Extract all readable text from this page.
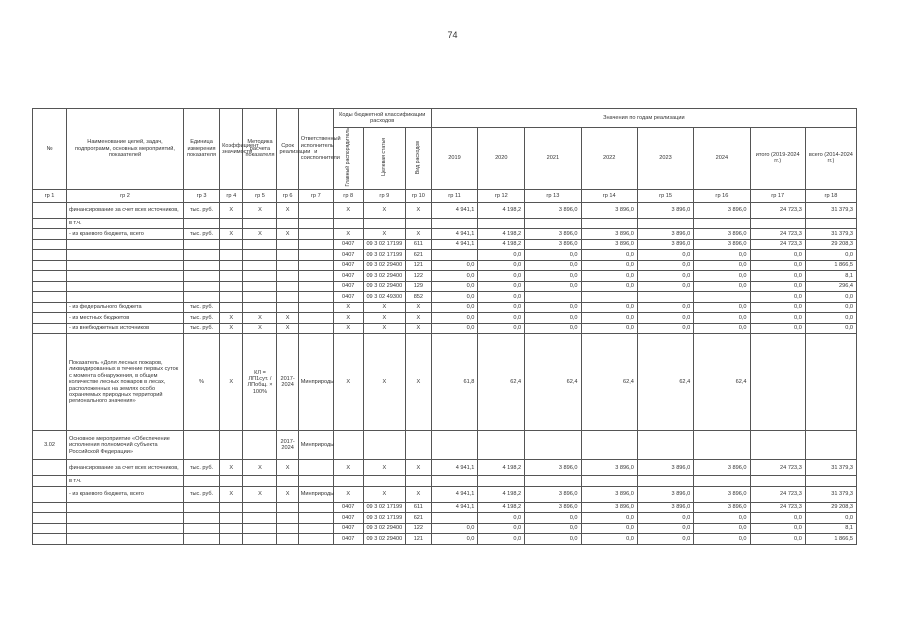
74
№	Наименование целей, задач, подпрограмм, основных мероприятий, показателей	Единица измерения показателя	Коэффициент значимости	Методика расчета показателя	Срок реализации	Ответственный исполнитель и соисполнители	Коды бюджетной классификации расходов			Значения по годам реализации							
							Главный распорядитель	Целевая статья	Вид расходов	2019	2020	2021	2022	2023	2024	итого (2019-2024 гг.)	всего (2014-2024 гг.)
гр 1	гр 2	гр 3	гр 4	гр 5	гр 6	гр 7	гр 8	гр 9	гр 10	гр 11	гр 12	гр 13	гр 14	гр 15	гр 16	гр 17	гр 18
	финансирование за счет всех источников,	тыс. руб.	X	X	X		X	X	X	4 941,1	4 198,2	3 896,0	3 896,0	3 896,0	3 896,0	24 723,3	31 379,3
	в т.ч.																
	- из краевого бюджета, всего	тыс. руб.	X	X	X		X	X	X	4 941,1	4 198,2	3 896,0	3 896,0	3 896,0	3 896,0	24 723,3	31 379,3
							0407	09 3 02 17199	611	4 941,1	4 198,2	3 896,0	3 896,0	3 896,0	3 896,0	24 723,3	29 208,3
							0407	09 3 02 17199	621		0,0	0,0	0,0	0,0	0,0	0,0	0,0
							0407	09 3 02 29400	121	0,0	0,0	0,0	0,0	0,0	0,0	0,0	1 866,5
							0407	09 3 02 29400	122	0,0	0,0	0,0	0,0	0,0	0,0	0,0	8,1
							0407	09 3 02 29400	129	0,0	0,0	0,0	0,0	0,0	0,0	0,0	296,4
							0407	09 3 02 49300	852	0,0	0,0					0,0	0,0
	- из федерального бюджета	тыс. руб.					X	X	X	0,0	0,0	0,0	0,0	0,0	0,0	0,0	0,0
	- из местных бюджетов	тыс. руб.	X	X	X		X	X	X	0,0	0,0	0,0	0,0	0,0	0,0	0,0	0,0
	- из внебюджетных источников	тыс. руб.	X	X	X		X	X	X	0,0	0,0	0,0	0,0	0,0	0,0	0,0	0,0
	Показатель «Доля лесных пожаров, ликвидированных в течение первых суток с момента обнаружения, в общем количестве лесных пожаров в лесах, расположенных на землях особо охраняемых природных территорий регионального значения»	%	X	КЛ = ЛП1сут. / ЛПобщ. × 100%	2017-2024	Минприроды	X	X	X	61,8	62,4	62,4	62,4	62,4	62,4		
3.02	Основное мероприятие «Обеспечение исполнения полномочий субъекта Российской Федерации»				2017-2024	Минприроды											
	финансирование за счет всех источников,	тыс. руб.	X	X	X		X	X	X	4 941,1	4 198,2	3 896,0	3 896,0	3 896,0	3 896,0	24 723,3	31 379,3
	в т.ч.																
	- из краевого бюджета, всего	тыс. руб.	X	X	X	Минприроды	X	X	X	4 941,1	4 198,2	3 896,0	3 896,0	3 896,0	3 896,0	24 723,3	31 379,3
							0407	09 3 02 17199	611	4 941,1	4 198,2	3 896,0	3 896,0	3 896,0	3 896,0	24 723,3	29 208,3
							0407	09 3 02 17199	621		0,0	0,0	0,0	0,0	0,0	0,0	0,0
							0407	09 3 02 29400	122	0,0	0,0	0,0	0,0	0,0	0,0	0,0	8,1
							0407	09 3 02 29400	121	0,0	0,0	0,0	0,0	0,0	0,0	0,0	1 866,5
